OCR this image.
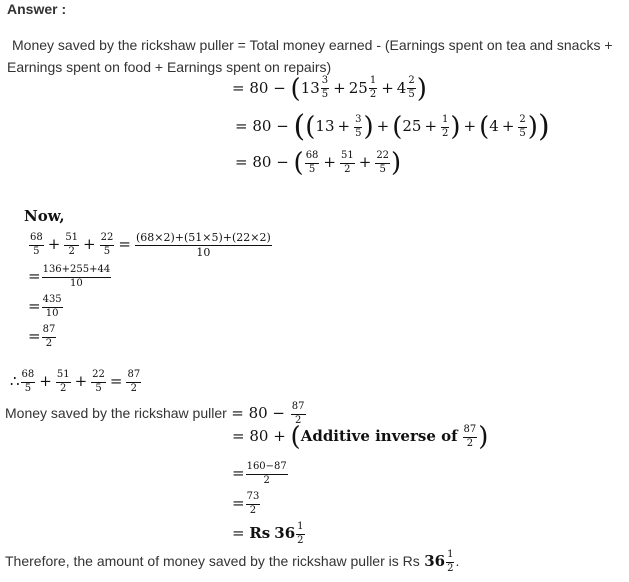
Answer :
Money saved by the rickshaw puller = Total money earned - (Earnings spent on tea and snacks +
Earnings spent on food + Earnings spent on repairs)
= 80 − ( $13 \frac{3}{5} + 25 \frac{1}{2} + 4 \frac{2}{5}$ )
= $80 - ((13 + \frac{3}{5}$ ) + ($25 + \frac{1}{2}$ ) + ($4 + \frac{2}{5}$ ))
= 80 − ( $\frac{68}{5} + \frac{51}{2} + \frac{22}{5}$ )
Now,
$\frac{68}{5} + \frac{51}{2} + \frac{22}{5} = \frac{(68\times 2)+(51\times 5)+(22\times 2)}{10}$
= $\frac{136+255+44}{10}$
= $\frac{435}{10}$
= $\frac{87}{2}$
∴ $\frac{68}{5} + \frac{51}{2} + \frac{22}{5} = \frac{87}{2}$
Money saved by the rickshaw puller = $80 - \frac{87}{2}$
= 80 + (Additive inverse of $\frac{87}{2}$ )
= $\frac{160-87}{2}$
= $\frac{73}{2}$
= Rs $36 \frac{1}{2}$
Therefore, the amount of money saved by the rickshaw puller is Rs $36 \frac{1}{2}$ .
